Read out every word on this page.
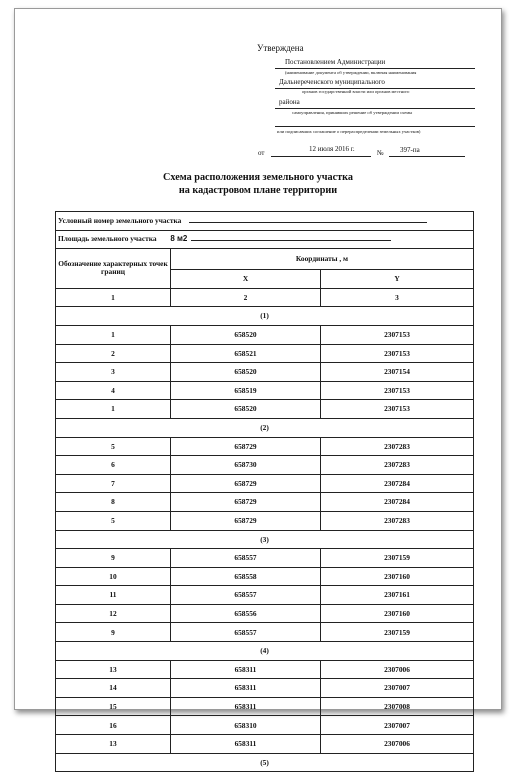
Утверждена
Постановлением Администрации
(наименование документа об утверждении, включая наименования
Дальнереченского муниципального
органов государственной власти или органов местного
района
самоуправления, принявших решение об утверждении схемы
или подписавших соглашение о перераспределении земельных участков)
от	12 июля 2016 г.	№ 397-па
Схема расположения земельного участка
на кадастровом плане территории
Условный номер земельного участка		
Площадь земельного участка 8 м2		
Обозначение характерных точек границ	Координаты , м	
	X	Y
1	2	3
(1)		
1	658520	2307153
2	658521	2307153
3	658520	2307154
4	658519	2307153
1	658520	2307153
(2)		
5	658729	2307283
6	658730	2307283
7	658729	2307284
8	658729	2307284
5	658729	2307283
(3)		
9	658557	2307159
10	658558	2307160
11	658557	2307161
12	658556	2307160
9	658557	2307159
(4)		
13	658311	2307006
14	658311	2307007
15	658311	2307008
16	658310	2307007
13	658311	2307006
(5)		
